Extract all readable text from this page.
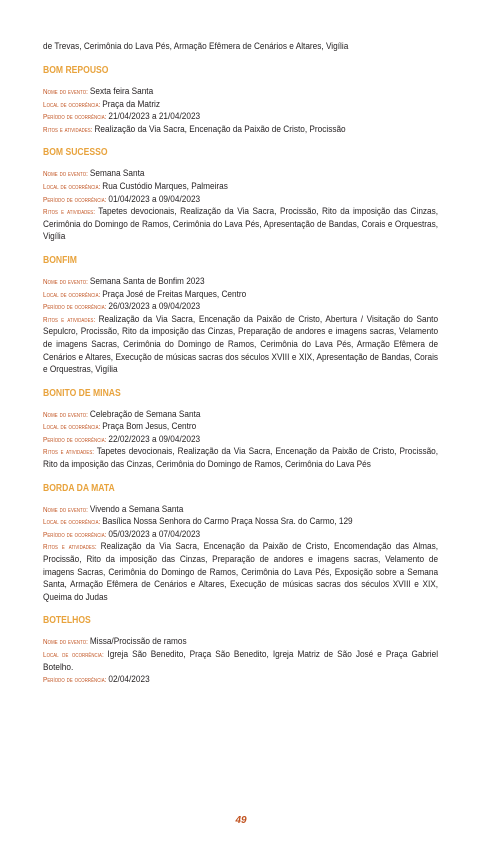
de Trevas, Cerimônia do Lava Pés, Armação Efêmera de Cenários e Altares, Vigília
BOM REPOUSO
Nome do evento : Sexta feira Santa
Local de ocorrência : Praça da Matriz
Período de ocorrência : 21/04/2023 a 21/04/2023
Ritos e atividades : Realização da Via Sacra, Encenação da Paixão de Cristo, Procissão
BOM SUCESSO
Nome do evento : Semana Santa
Local de ocorrência : Rua Custódio Marques, Palmeiras
Período de ocorrência : 01/04/2023 a 09/04/2023
Ritos e atividades : Tapetes devocionais, Realização da Via Sacra, Procissão, Rito da imposição das Cinzas, Cerimônia do Domingo de Ramos, Cerimônia do Lava Pés, Apresentação de Bandas, Corais e Orquestras, Vigília
BONFIM
Nome do evento : Semana Santa de Bonfim 2023
Local de ocorrência : Praça José de Freitas Marques, Centro
Período de ocorrência : 26/03/2023 a 09/04/2023
Ritos e atividades : Realização da Via Sacra, Encenação da Paixão de Cristo, Abertura / Visitação do Santo Sepulcro, Procissão, Rito da imposição das Cinzas, Preparação de andores e imagens sacras, Velamento de imagens Sacras, Cerimônia do Domingo de Ramos, Cerimônia do Lava Pés, Armação Efêmera de Cenários e Altares, Execução de músicas sacras dos séculos XVIII e XIX, Apresentação de Bandas, Corais e Orquestras, Vigília
BONITO DE MINAS
Nome do evento : Celebração de Semana Santa
Local de ocorrência : Praça Bom Jesus, Centro
Período de ocorrência : 22/02/2023 a 09/04/2023
Ritos e atividades : Tapetes devocionais, Realização da Via Sacra, Encenação da Paixão de Cristo, Procissão, Rito da imposição das Cinzas, Cerimônia do Domingo de Ramos, Cerimônia do Lava Pés
BORDA DA MATA
Nome do evento : Vivendo a Semana Santa
Local de ocorrência : Basílica Nossa Senhora do Carmo Praça Nossa Sra. do Carmo, 129
Período de ocorrência : 05/03/2023 a 07/04/2023
Ritos e atividades : Realização da Via Sacra, Encenação da Paixão de Cristo, Encomendação das Almas, Procissão, Rito da imposição das Cinzas, Preparação de andores e imagens sacras, Velamento de imagens Sacras, Cerimônia do Domingo de Ramos, Cerimônia do Lava Pés, Exposição sobre a Semana Santa, Armação Efêmera de Cenários e Altares, Execução de músicas sacras dos séculos XVIII e XIX, Queima do Judas
BOTELHOS
Nome do evento : Missa/Procissão de ramos
Local de ocorrência : Igreja São Benedito, Praça São Benedito, Igreja Matriz de São José e Praça Gabriel Botelho.
Período de ocorrência : 02/04/2023
49
